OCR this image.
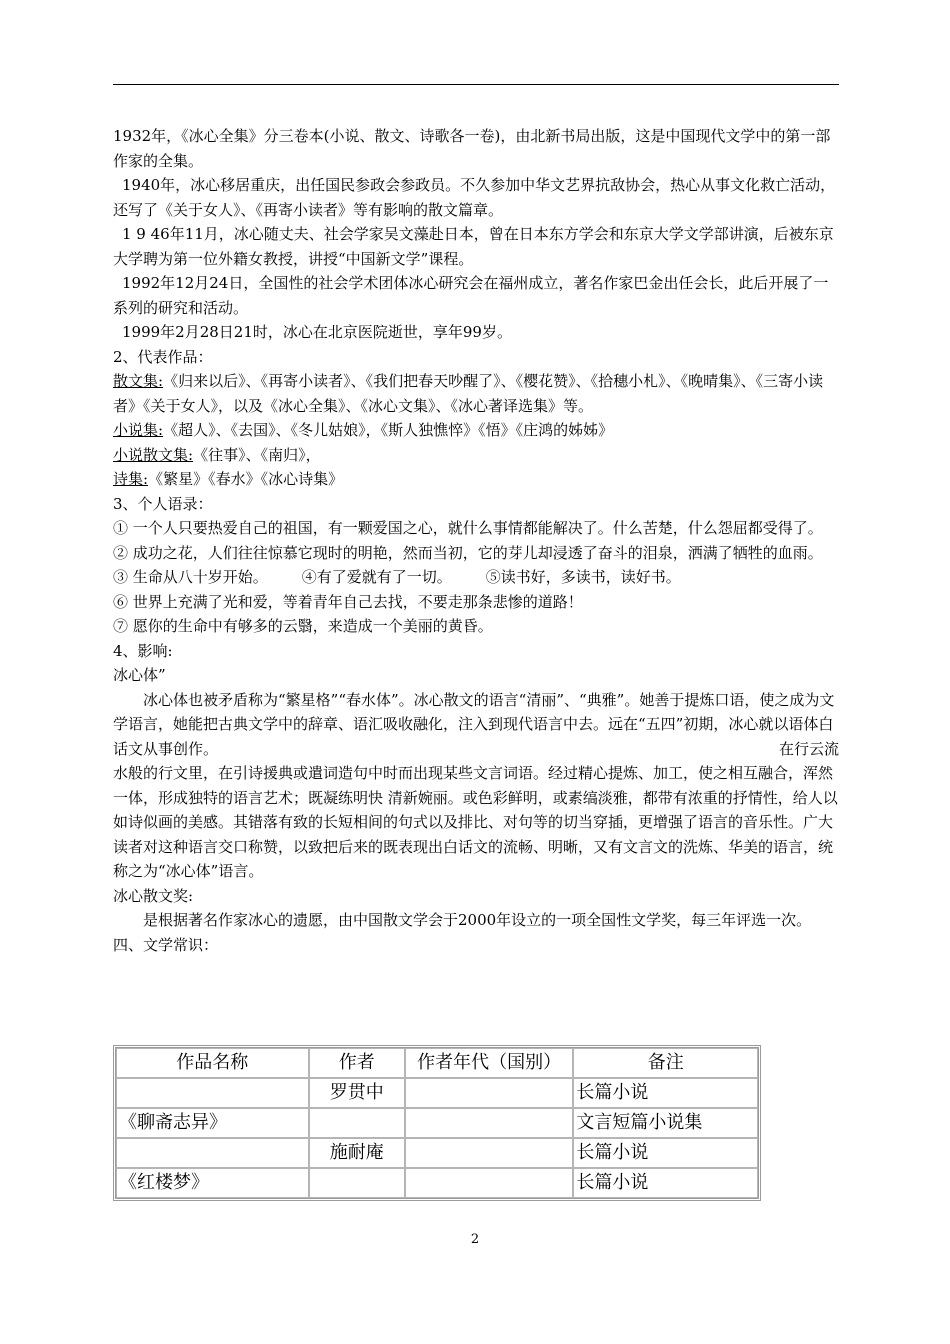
1932年，《冰心全集》分三卷本(小说、散文、诗歌各一卷)，由北新书局出版，这是中国现代文学中的第一部作家的全集。

1940年，冰心移居重庆，出任国民参政会参政员。不久参加中华文艺界抗敌协会，热心从事文化救亡活动，还写了《关于女人》、《再寄小读者》等有影响的散文篇章。

1 9 46年11月，冰心随丈夫、社会学家吴文藻赴日本，曾在日本东方学会和东京大学文学部讲演，后被东京大学聘为第一位外籍女教授，讲授“中国新文学”课程。

1992年12月24日，全国性的社会学术团体冰心研究会在福州成立，著名作家巴金出任会长，此后开展了一系列的研究和活动。

1999年2月28日21时，冰心在北京医院逝世，享年99岁。

2、代表作品：

散文集:《归来以后》、《再寄小读者》、《我们把春天吵醒了》、《樱花赞》、《拾穗小札》、《晚晴集》、《三寄小读者》《关于女人》，以及《冰心全集》、《冰心文集》、《冰心著译选集》等。

小说集:《超人》、《去国》、《冬儿姑娘》，《斯人独憔悴》《悟》《庄鸿的姊姊》

小说散文集:《往事》、《南归》，

诗集:《繁星》《春水》《冰心诗集》

3、个人语录：

① 一个人只要热爱自己的祖国，有一颗爱国之心，就什么事情都能解决了。什么苦楚，什么怨屈都受得了。

② 成功之花，人们往往惊慕它现时的明艳，然而当初，它的芽儿却浸透了奋斗的泪泉，洒满了牺牲的血雨。

③ 生命从八十岁开始。 ④有了爱就有了一切。 ⑤读书好，多读书，读好书。

⑥ 世界上充满了光和爱，等着青年自己去找，不要走那条悲惨的道路！

⑦ 愿你的生命中有够多的云翳，来造成一个美丽的黄昏。

4、影响:

冰心体”

冰心体也被矛盾称为“繁星格”“春水体”。冰心散文的语言“清丽”、“典雅”。她善于提炼口语，使之成为文学语言，她能把古典文学中的辞章、语汇吸收融化，注入到现代语言中去。远在“五四”初期，冰心就以语体白话文从事创作。	在行云流

水般的行文里，在引诗援典或遣词造句中时而出现某些文言词语。经过精心提炼、加工，使之相互融合，浑然一体，形成独特的语言艺术；既凝练明快 清新婉丽。或色彩鲜明，或素缟淡雅，都带有浓重的抒情性，给人以如诗似画的美感。其错落有致的长短相间的句式以及排比、对句等的切当穿插，更增强了语言的音乐性。广大读者对这种语言交口称赞，以致把后来的既表现出白话文的流畅、明晰，又有文言文的洗炼、华美的语言，统称之为“冰心体”语言。

冰心散文奖:

是根据著名作家冰心的遗愿，由中国散文学会于2000年设立的一项全国性文学奖，每三年评选一次。

四、文学常识：

作品名称	作者	作者年代（国别）	备注
	罗贯中		长篇小说
《聊斋志异》			文言短篇小说集
	施耐庵		长篇小说
《红楼梦》			长篇小说
2
